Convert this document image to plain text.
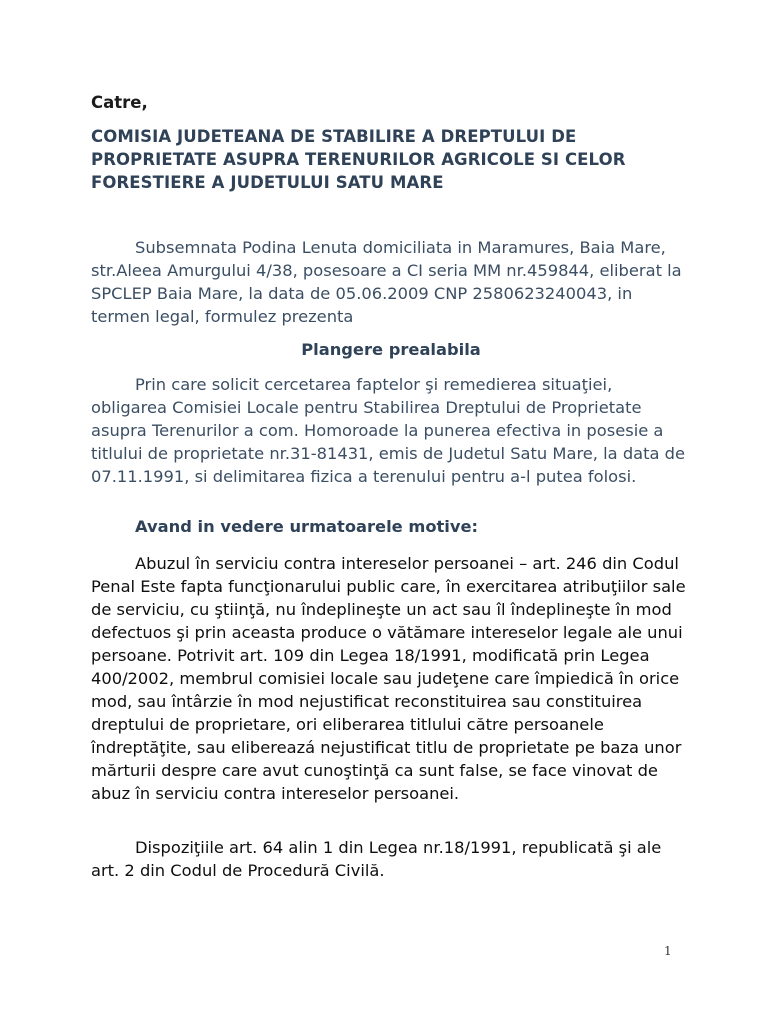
Catre,

COMISIA JUDETEANA DE STABILIRE A DREPTULUI DE PROPRIETATE ASUPRA TERENURILOR AGRICOLE SI CELOR FORESTIERE A JUDETULUI SATU MARE

Subsemnata Podina Lenuta domiciliata in Maramures, Baia Mare, str.Aleea Amurgului 4/38, posesoare a CI seria MM nr.459844, eliberat la SPCLEP Baia Mare, la data de 05.06.2009 CNP 2580623240043, in termen legal, formulez prezenta

Plangere prealabila

Prin care solicit cercetarea faptelor şi remedierea situaţiei, obligarea Comisiei Locale pentru Stabilirea Dreptului de Proprietate asupra Terenurilor a com. Homoroade la punerea efectiva in posesie a titlului de proprietate nr.31-81431, emis de Judetul Satu Mare, la data de 07.11.1991, si delimitarea fizica a terenului pentru a-l putea folosi.

Avand in vedere urmatoarele motive:

Abuzul în serviciu contra intereselor persoanei – art. 246 din Codul Penal Este fapta funcţionarului public care, în exercitarea atribuţiilor sale de serviciu, cu ştiinţă, nu îndeplineşte un act sau îl îndeplineşte în mod defectuos şi prin aceasta produce o vătămare intereselor legale ale unui persoane. Potrivit art. 109 din Legea 18/1991, modificată prin Legea 400/2002, membrul comisiei locale sau judeţene care împiedică în orice mod, sau întârzie în mod nejustificat reconstituirea sau constituirea dreptului de proprietare, ori eliberarea titlului către persoanele îndreptăţite, sau elibereazá nejustificat titlu de proprietate pe baza unor mărturii despre care avut cunoştinţă ca sunt false, se face vinovat de abuz în serviciu contra intereselor persoanei.

Dispoziţiile art. 64 alin 1 din Legea nr.18/1991, republicată şi ale art. 2 din Codul de Procedură Civilă.

1
